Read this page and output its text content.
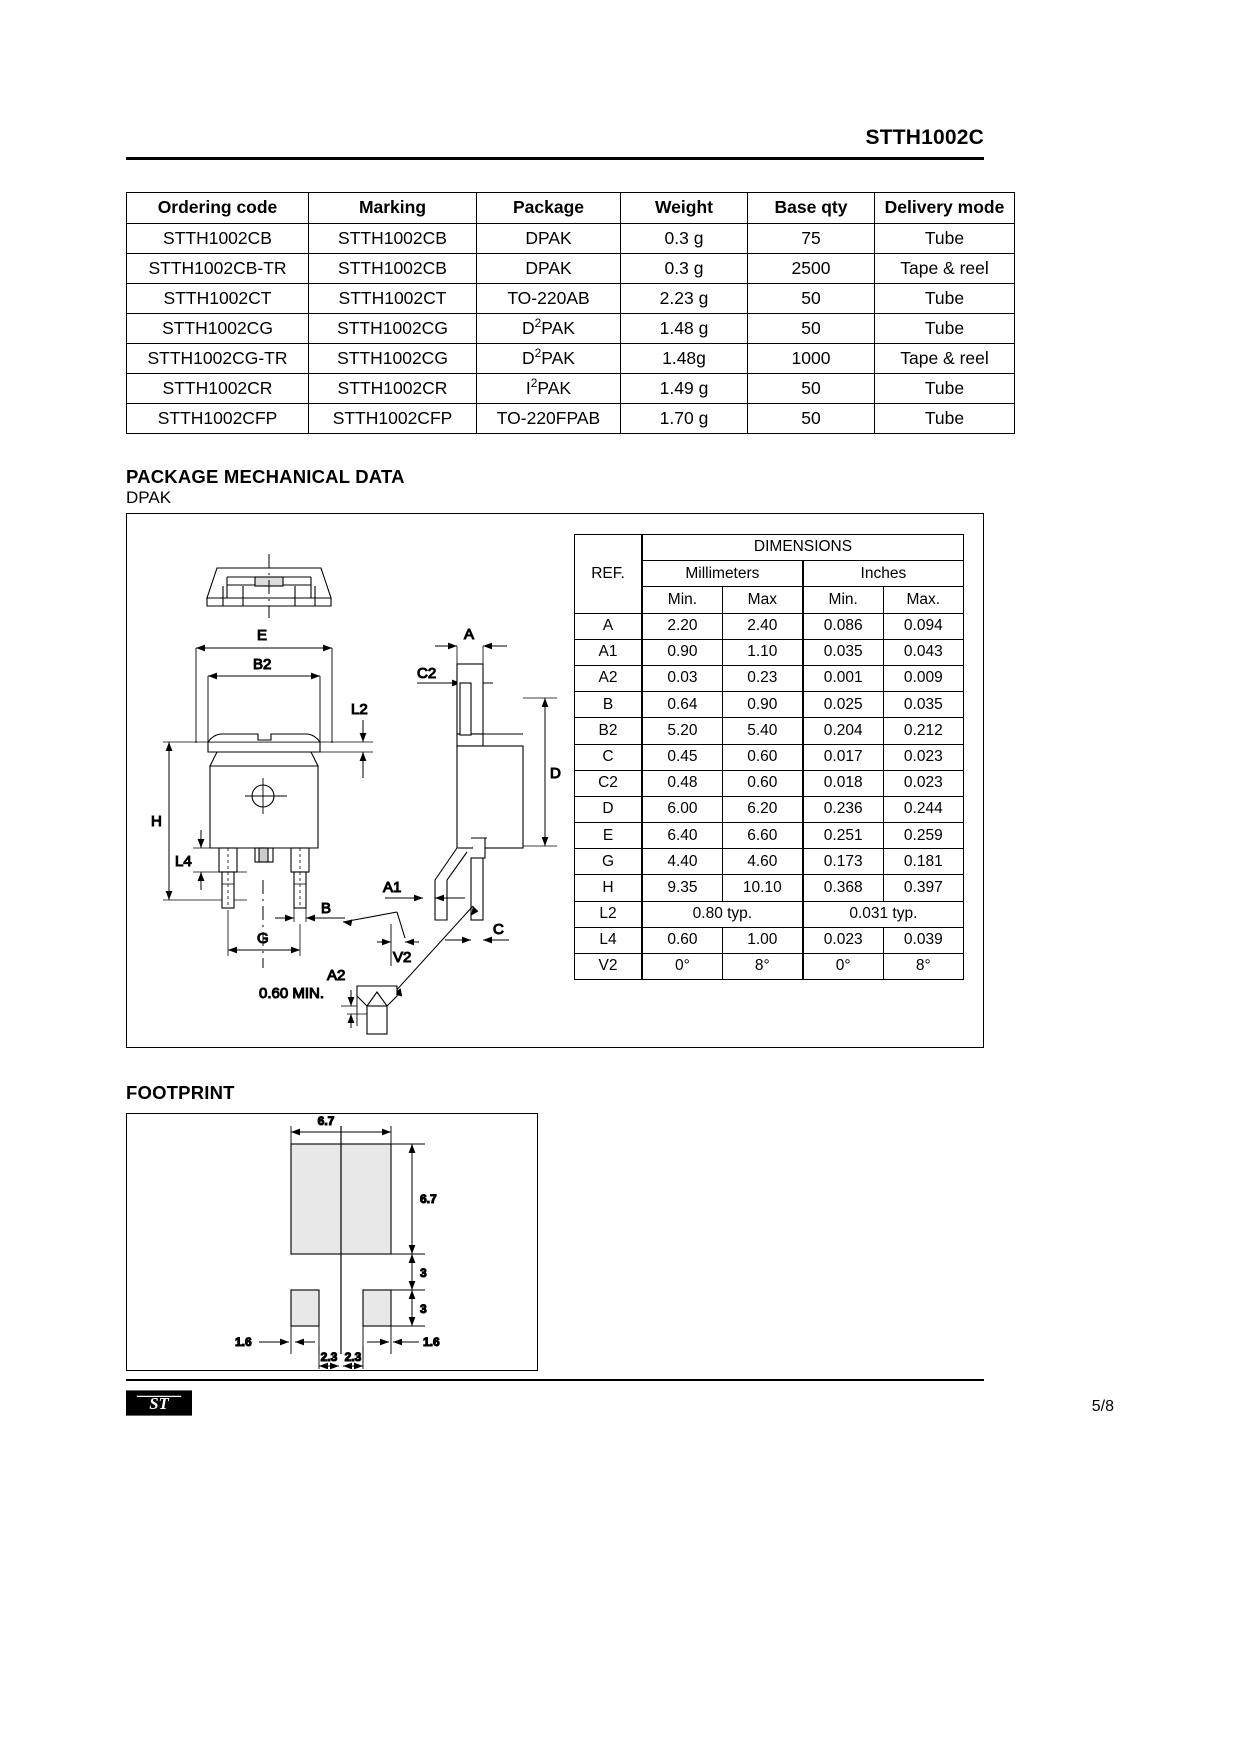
STTH1002C
Ordering code	Marking	Package	Weight	Base qty	Delivery mode
STTH1002CB	STTH1002CB	DPAK	0.3 g	75	Tube
STTH1002CB-TR	STTH1002CB	DPAK	0.3 g	2500	Tape & reel
STTH1002CT	STTH1002CT	TO-220AB	2.23 g	50	Tube
STTH1002CG	STTH1002CG	$D^2PAK$	1.48 g	50	Tube
STTH1002CG-TR	STTH1002CG	$D^2PAK$	1.48g	1000	Tape & reel
STTH1002CR	STTH1002CR	$I^2PAK$	1.49 g	50	Tube
STTH1002CFP	STTH1002CFP	TO-220FPAB	1.70 g	50	Tube
PACKAGE MECHANICAL DATA
DPAK
E
B2
L2
H
L4
B
G
0.60 MIN.
A
C2
D
A1
C
A2
V2
REF.	DIMENSIONS			
	Millimeters		Inches	
	Min.	Max	Min.	Max.
A	2.20	2.40	0.086	0.094
A1	0.90	1.10	0.035	0.043
A2	0.03	0.23	0.001	0.009
B	0.64	0.90	0.025	0.035
B2	5.20	5.40	0.204	0.212
C	0.45	0.60	0.017	0.023
C2	0.48	0.60	0.018	0.023
D	6.00	6.20	0.236	0.244
E	6.40	6.60	0.251	0.259
G	4.40	4.60	0.173	0.181
H	9.35	10.10	0.368	0.397
L2	0.80 typ.		0.031 typ.	
L4	0.60	1.00	0.023	0.039
V2	0°	8°	0°	8°
FOOTPRINT
6.7
6.7
3
3
1.6	1.6
2.3 2.3
ST	5/8
